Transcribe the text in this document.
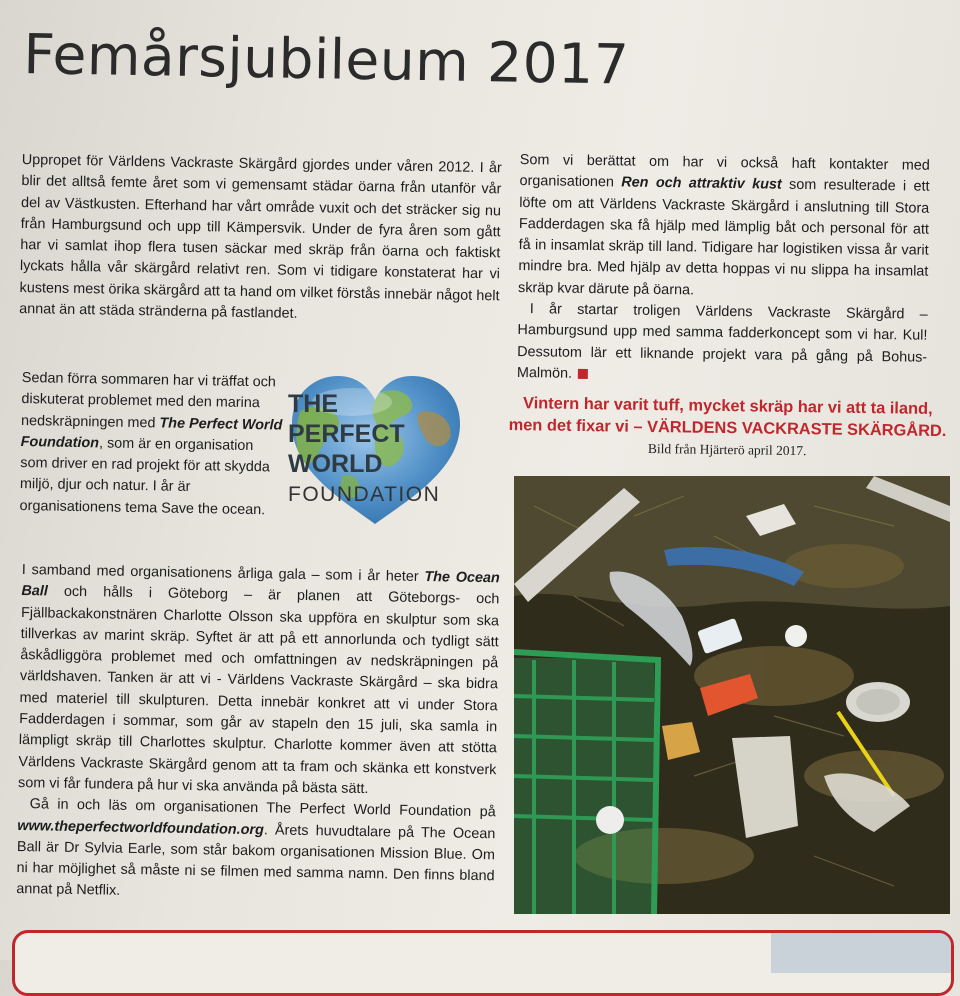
Femårsjubileum 2017

Uppropet för Världens Vackraste Skärgård gjordes under våren 2012. I år blir det alltså femte året som vi gemensamt städar öarna från utanför vår del av Västkusten. Efterhand har vårt område vuxit och det sträcker sig nu från Hamburgsund och upp till Kämpersvik. Under de fyra åren som gått har vi samlat ihop flera tusen säckar med skräp från öarna och faktiskt lyckats hålla vår skärgård relativt ren. Som vi tidigare konstaterat har vi kustens mest örika skärgård att ta hand om vilket förstås innebär något helt annat än att städa stränderna på fastlandet.

Sedan förra sommaren har vi träffat och diskuterat problemet med den marina nedskräpningen med The Perfect World Foundation, som är en organisation som driver en rad projekt för att skydda miljö, djur och natur. I år är organisationens tema Save the ocean.

THE
PERFECT
WORLD
FOUNDATION

I samband med organisationens årliga gala – som i år heter The Ocean Ball och hålls i Göteborg – är planen att Göteborgs- och Fjällbackakonstnären Charlotte Olsson ska uppföra en skulptur som ska tillverkas av marint skräp. Syftet är att på ett annorlunda och tydligt sätt åskådliggöra problemet med och omfattningen av nedskräpningen på världshaven. Tanken är att vi - Världens Vackraste Skärgård – ska bidra med materiel till skulpturen. Detta innebär konkret att vi under Stora Fadderdagen i sommar, som går av stapeln den 15 juli, ska samla in lämpligt skräp till Charlottes skulptur. Charlotte kommer även att stötta Världens Vackraste Skärgård genom att ta fram och skänka ett konstverk som vi får fundera på hur vi ska använda på bästa sätt.

Gå in och läs om organisationen The Perfect World Foundation på www.theperfectworldfoundation.org. Årets huvudtalare på The Ocean Ball är Dr Sylvia Earle, som står bakom organisationen Mission Blue. Om ni har möjlighet så måste ni se filmen med samma namn. Den finns bland annat på Netflix.

Som vi berättat om har vi också haft kontakter med organisationen Ren och attraktiv kust som resulterade i ett löfte om att Världens Vackraste Skärgård i anslutning till Stora Fadderdagen ska få hjälp med lämplig båt och personal för att få in insamlat skräp till land. Tidigare har logistiken vissa år varit mindre bra. Med hjälp av detta hoppas vi nu slippa ha insamlat skräp kvar därute på öarna.

I år startar troligen Världens Vackraste Skärgård – Hamburgsund upp med samma fadderkoncept som vi har. Kul! Dessutom lär ett liknande projekt vara på gång på Bohus-Malmön.

Vintern har varit tuff, mycket skräp har vi att ta iland, men det fixar vi – VÄRLDENS VACKRASTE SKÄRGÅRD.
Bild från Hjärterö april 2017.
